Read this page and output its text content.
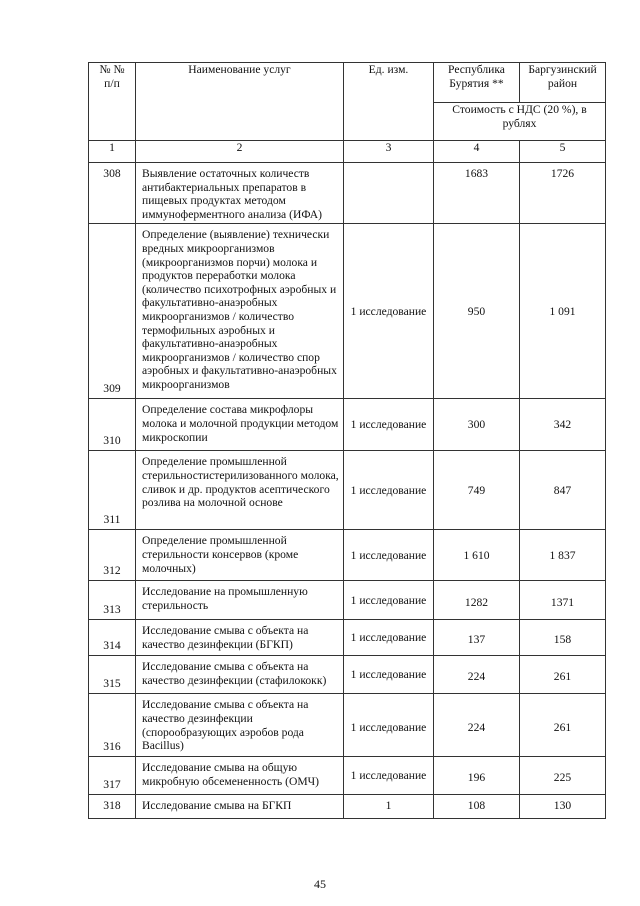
№ №
п/п	Наименование услуг	Ед. изм.	Республика Бурятия **	Баргузинский район
			Стоимость с НДС (20 %), в рублях	
1	2	3	4	5
308	Выявление остаточных количеств антибактериальных препаратов в пищевых продуктах методом иммуноферментного анализа (ИФА)		1683	1726
309	Определение (выявление) технически вредных микроорганизмов (микроорганизмов порчи) молока и продуктов переработки молока (количество психотрофных аэробных и факультативно-анаэробных микроорганизмов / количество термофильных аэробных и факультативно-анаэробных микроорганизмов / количество спор аэробных и факультативно-анаэробных микроорганизмов	1 исследование	950	1 091
310	Определение состава микрофлоры молока и молочной продукции методом микроскопии	1 исследование	300	342
311	Определение промышленной стерильностистерилизованного молока, сливок и др. продуктов асептического розлива на молочной основе	1 исследование	749	847
312	Определение промышленной стерильности консервов (кроме молочных)	1 исследование	1 610	1 837
313	Исследование на промышленную стерильность	1 исследование	1282	1371
314	Исследование смыва с объекта на качество дезинфекции (БГКП)	1 исследование	137	158
315	Исследование смыва с объекта на качество дезинфекции (стафилококк)	1 исследование	224	261
316	Исследование смыва с объекта на качество дезинфекции (спорообразующих аэробов рода Bacillus)	1 исследование	224	261
317	Исследование смыва на общую микробную обсемененность (ОМЧ)	1 исследование	196	225
318	Исследование смыва на БГКП	1	108	130
45
